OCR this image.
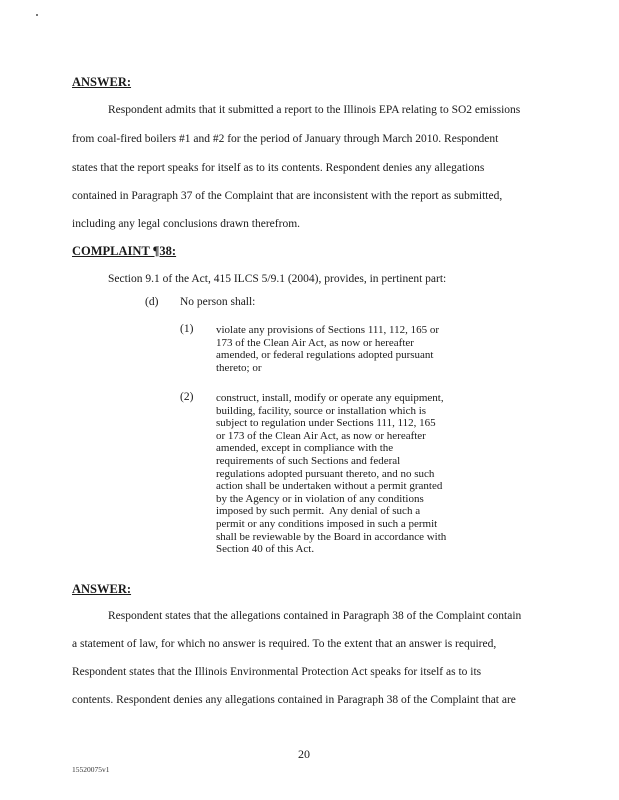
ANSWER:
Respondent admits that it submitted a report to the Illinois EPA relating to SO2 emissions
from coal-fired boilers #1 and #2 for the period of January through March 2010. Respondent
states that the report speaks for itself as to its contents. Respondent denies any allegations
contained in Paragraph 37 of the Complaint that are inconsistent with the report as submitted,
including any legal conclusions drawn therefrom.
COMPLAINT ¶38:
Section 9.1 of the Act, 415 ILCS 5/9.1 (2004), provides, in pertinent part:
(d) No person shall:
(1) violate any provisions of Sections 111, 112, 165 or
173 of the Clean Air Act, as now or hereafter
amended, or federal regulations adopted pursuant
thereto; or
(2) construct, install, modify or operate any equipment,
building, facility, source or installation which is
subject to regulation under Sections 111, 112, 165
or 173 of the Clean Air Act, as now or hereafter
amended, except in compliance with the
requirements of such Sections and federal
regulations adopted pursuant thereto, and no such
action shall be undertaken without a permit granted
by the Agency or in violation of any conditions
imposed by such permit.  Any denial of such a
permit or any conditions imposed in such a permit
shall be reviewable by the Board in accordance with
Section 40 of this Act.
ANSWER:
Respondent states that the allegations contained in Paragraph 38 of the Complaint contain
a statement of law, for which no answer is required. To the extent that an answer is required,
Respondent states that the Illinois Environmental Protection Act speaks for itself as to its
contents. Respondent denies any allegations contained in Paragraph 38 of the Complaint that are
20
15520075v1
